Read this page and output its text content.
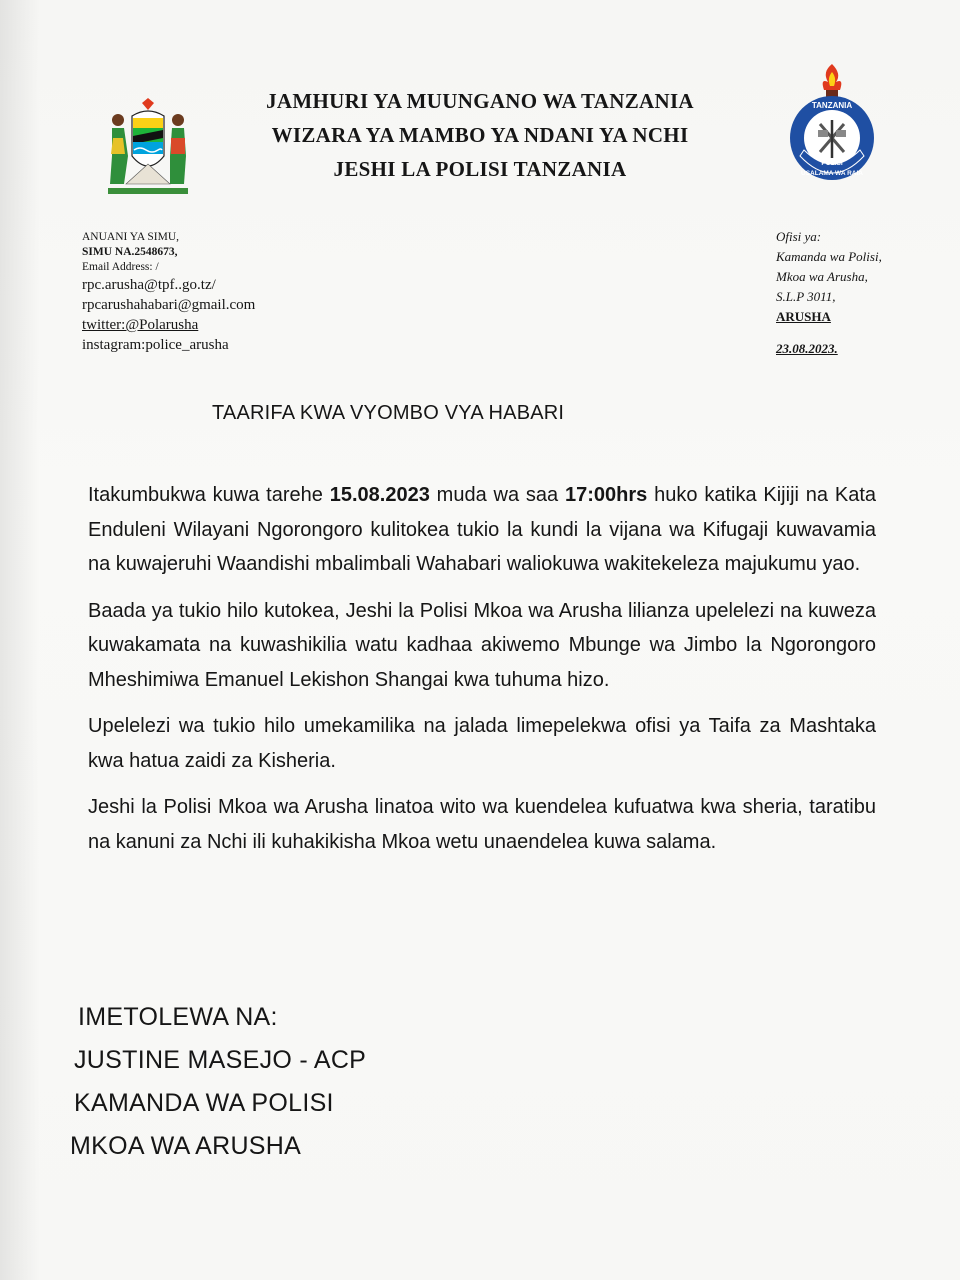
JAMHURI YA MUUNGANO WA TANZANIA
WIZARA YA MAMBO YA NDANI YA NCHI
JESHI LA POLISI TANZANIA
TANZANIA
POLISI
USALAMA WA RAIA
ANUANI YA SIMU,
SIMU NA.2548673,
Email Address: /
rpc.arusha@tpf..go.tz/
rpcarushahabari@gmail.com
twitter:@Polarusha
instagram:police_arusha
Ofisi ya:
Kamanda wa Polisi,
Mkoa wa Arusha,
S.L.P 3011,
ARUSHA
23.08.2023.
TAARIFA KWA VYOMBO VYA HABARI

Itakumbukwa kuwa tarehe 15.08.2023 muda wa saa 17:00hrs huko katika Kijiji na Kata Enduleni Wilayani Ngorongoro kulitokea tukio la kundi la vijana wa Kifugaji kuwavamia na kuwajeruhi Waandishi mbalimbali Wahabari waliokuwa wakitekeleza majukumu yao.

Baada ya tukio hilo kutokea, Jeshi la Polisi Mkoa wa Arusha lilianza upelelezi na kuweza kuwakamata na kuwashikilia watu kadhaa akiwemo Mbunge wa Jimbo la Ngorongoro Mheshimiwa Emanuel Lekishon Shangai kwa tuhuma hizo.

Upelelezi wa tukio hilo umekamilika na jalada limepelekwa ofisi ya Taifa za Mashtaka kwa hatua zaidi za Kisheria.

Jeshi la Polisi Mkoa wa Arusha linatoa wito wa kuendelea kufuatwa kwa sheria, taratibu na kanuni za Nchi ili kuhakikisha Mkoa wetu unaendelea kuwa salama.

IMETOLEWA NA:
JUSTINE MASEJO - ACP
KAMANDA WA POLISI
MKOA WA ARUSHA
